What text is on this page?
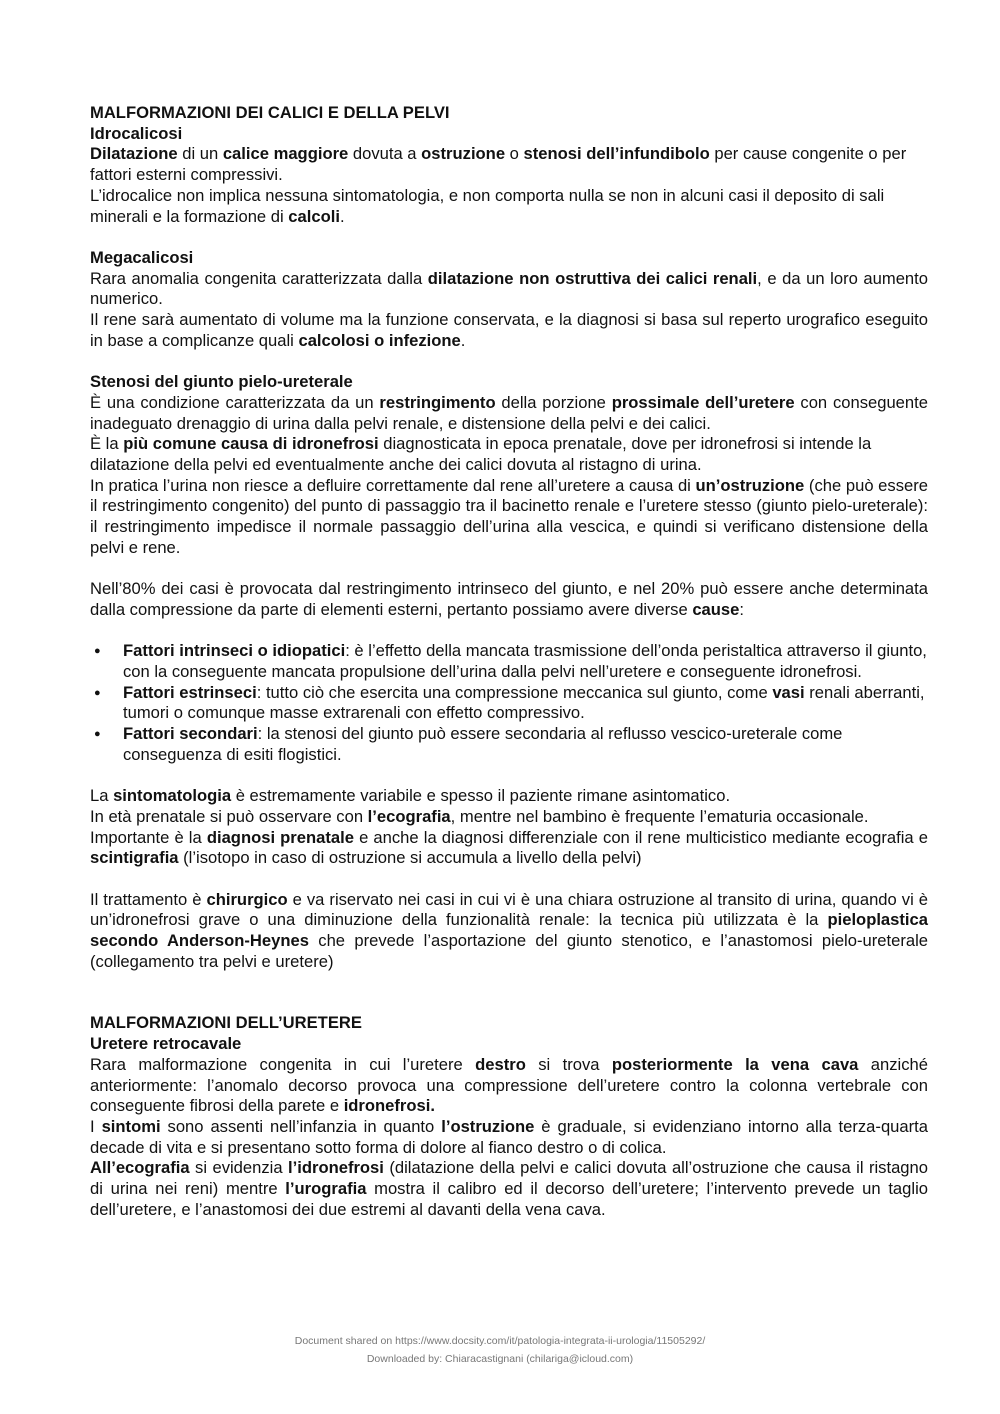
MALFORMAZIONI DEI CALICI E DELLA PELVI
Idrocalicosi

Dilatazione di un calice maggiore dovuta a ostruzione o stenosi dell’infundibolo per cause congenite o per fattori esterni compressivi.

L’idrocalice non implica nessuna sintomatologia, e non comporta nulla se non in alcuni casi il deposito di sali minerali e la formazione di calcoli.

Megacalicosi

Rara anomalia congenita caratterizzata dalla dilatazione non ostruttiva dei calici renali, e da un loro aumento numerico.

Il rene sarà aumentato di volume ma la funzione conservata, e la diagnosi si basa sul reperto urografico eseguito in base a complicanze quali calcolosi o infezione.

Stenosi del giunto pielo-ureterale

È una condizione caratterizzata da un restringimento della porzione prossimale dell’uretere con conseguente inadeguato drenaggio di urina dalla pelvi renale, e distensione della pelvi e dei calici.

È la più comune causa di idronefrosi diagnosticata in epoca prenatale, dove per idronefrosi si intende la dilatazione della pelvi ed eventualmente anche dei calici dovuta al ristagno di urina.

In pratica l’urina non riesce a defluire correttamente dal rene all’uretere a causa di un’ostruzione (che può essere il restringimento congenito) del punto di passaggio tra il bacinetto renale e l’uretere stesso (giunto pielo-ureterale): il restringimento impedisce il normale passaggio dell’urina alla vescica, e quindi si verificano distensione della pelvi e rene.

Nell’80% dei casi è provocata dal restringimento intrinseco del giunto, e nel 20% può essere anche determinata dalla compressione da parte di elementi esterni, pertanto possiamo avere diverse cause:

● Fattori intrinseci o idiopatici: è l’effetto della mancata trasmissione dell’onda peristaltica attraverso il giunto, con la conseguente mancata propulsione dell’urina dalla pelvi nell’uretere e conseguente idronefrosi.
● Fattori estrinseci: tutto ciò che esercita una compressione meccanica sul giunto, come vasi renali aberranti, tumori o comunque masse extrarenali con effetto compressivo.
● Fattori secondari: la stenosi del giunto può essere secondaria al reflusso vescico-ureterale come conseguenza di esiti flogistici.

La sintomatologia è estremamente variabile e spesso il paziente rimane asintomatico.

In età prenatale si può osservare con l’ecografia, mentre nel bambino è frequente l’ematuria occasionale.

Importante è la diagnosi prenatale e anche la diagnosi differenziale con il rene multicistico mediante ecografia e scintigrafia (l’isotopo in caso di ostruzione si accumula a livello della pelvi)

Il trattamento è chirurgico e va riservato nei casi in cui vi è una chiara ostruzione al transito di urina, quando vi è un’idronefrosi grave o una diminuzione della funzionalità renale: la tecnica più utilizzata è la pieloplastica secondo Anderson-Heynes che prevede l’asportazione del giunto stenotico, e l’anastomosi pielo-ureterale (collegamento tra pelvi e uretere)

MALFORMAZIONI DELL’URETERE
Uretere retrocavale

Rara malformazione congenita in cui l’uretere destro si trova posteriormente la vena cava anziché anteriormente: l’anomalo decorso provoca una compressione dell’uretere contro la colonna vertebrale con conseguente fibrosi della parete e idronefrosi.

I sintomi sono assenti nell’infanzia in quanto l’ostruzione è graduale, si evidenziano intorno alla terza-quarta decade di vita e si presentano sotto forma di dolore al fianco destro o di colica.

All’ecografia si evidenzia l’idronefrosi (dilatazione della pelvi e calici dovuta all’ostruzione che causa il ristagno di urina nei reni) mentre l’urografia mostra il calibro ed il decorso dell’uretere; l’intervento prevede un taglio dell’uretere, e l’anastomosi dei due estremi al davanti della vena cava.

Document shared on https://www.docsity.com/it/patologia-integrata-ii-urologia/11505292/
Downloaded by: Chiaracastignani (chilariga@icloud.com)
